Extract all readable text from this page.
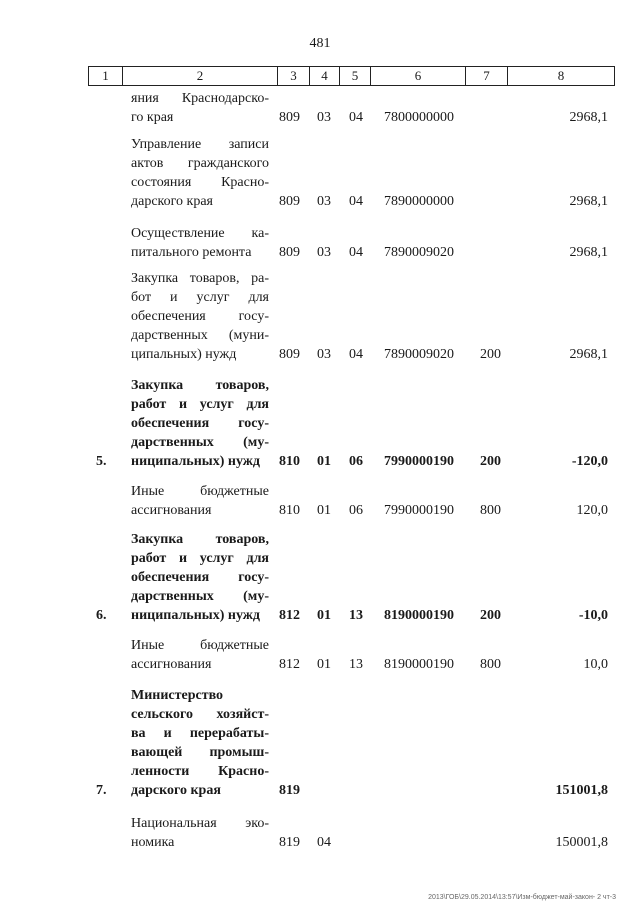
481
1	2	3	4	5	6	7	8
яния Краснодарско-
го края	809 03 04 7800000000	2968,1
Управление записи
актов гражданского
состояния Красно-
дарского края	809 03 04 7890000000	2968,1
Осуществление ка-
питального ремонта	809 03 04 7890009020	2968,1
Закупка товаров, ра-
бот и услуг для
обеспечения госу-
дарственных (муни-
ципальных) нужд	809 03 04 7890009020 200	2968,1
5.
Закупка товаров,
работ и услуг для
обеспечения госу-
дарственных (му-
ниципальных) нужд	810 01 06 7990000190 200	-120,0
Иные бюджетные
ассигнования	810 01 06 7990000190 800	120,0
6.
Закупка товаров,
работ и услуг для
обеспечения госу-
дарственных (му-
ниципальных) нужд	812 01 13 8190000190 200	-10,0
Иные бюджетные
ассигнования	812 01 13 8190000190 800	10,0
7.
Министерство
сельского хозяйст-
ва и перерабаты-
вающей промыш-
ленности Красно-
дарского края	819	151001,8
Национальная эко-
номика	819 04	150001,8
2013\ГОБ\29.05.2014\13:57\Изм-бюджет-май-закон- 2 чт-3
